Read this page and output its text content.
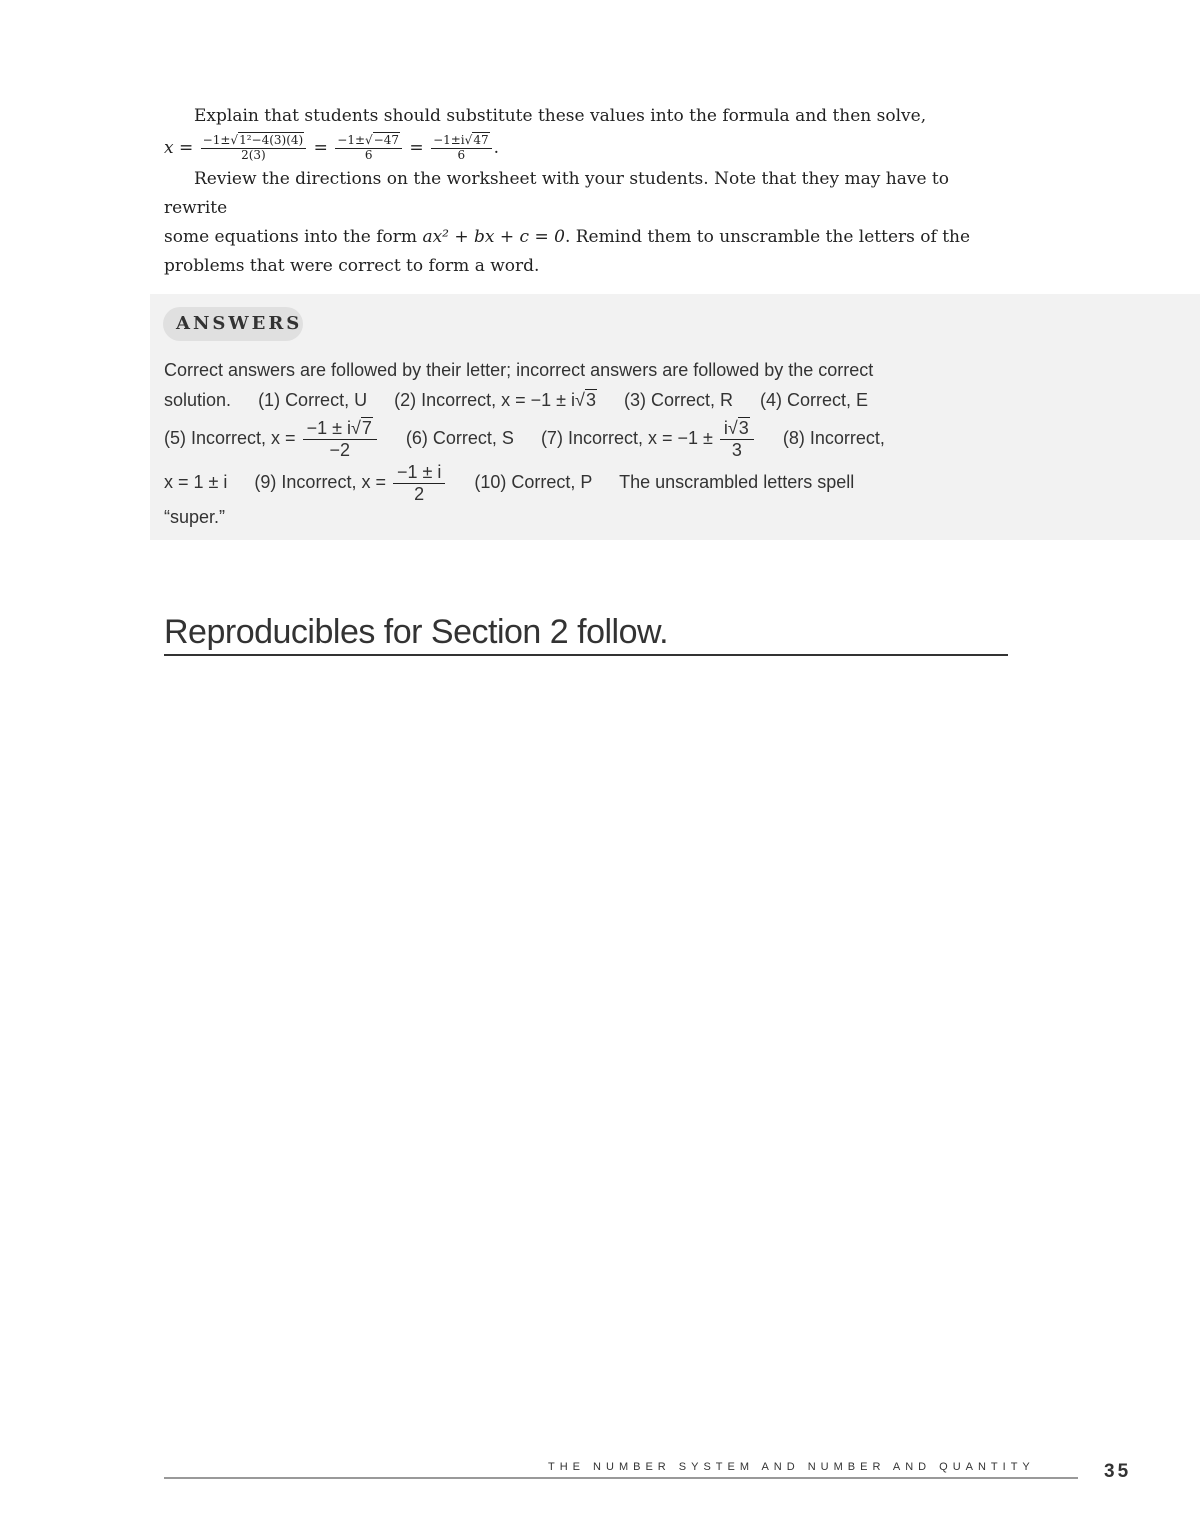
Explain that students should substitute these values into the formula and then solve,

$x = \frac{\text{−1±√1²−4(3)(4)}}{2(3)} = \frac{-1\pm√-47}{6} = \frac{-1\pm i√47}{6}$ .

Review the directions on the worksheet with your students. Note that they may have to rewrite

some equations into the form ax² + bx + c = 0. Remind them to unscramble the letters of the

problems that were correct to form a word.

ANSWERS
Correct answers are followed by their letter; incorrect answers are followed by the correct
solution. (1) Correct, U (2) Incorrect, x = −1 ± i√3 (3) Correct, R (4) Correct, E
(5) Incorrect, $x = \frac{-1 \pm i√7}{-2} (6)$ Correct, S (7) Incorrect, $x = -1 \pm \frac{i√3}{3} (8)$ Incorrect,
x = 1 ± i (9) Incorrect, $x = \frac{-1 \pm i}{2} (10)$ Correct, P The unscrambled letters spell
“super.”
Reproducibles for Section 2 follow.
THE NUMBER SYSTEM AND NUMBER AND QUANTITY	35
